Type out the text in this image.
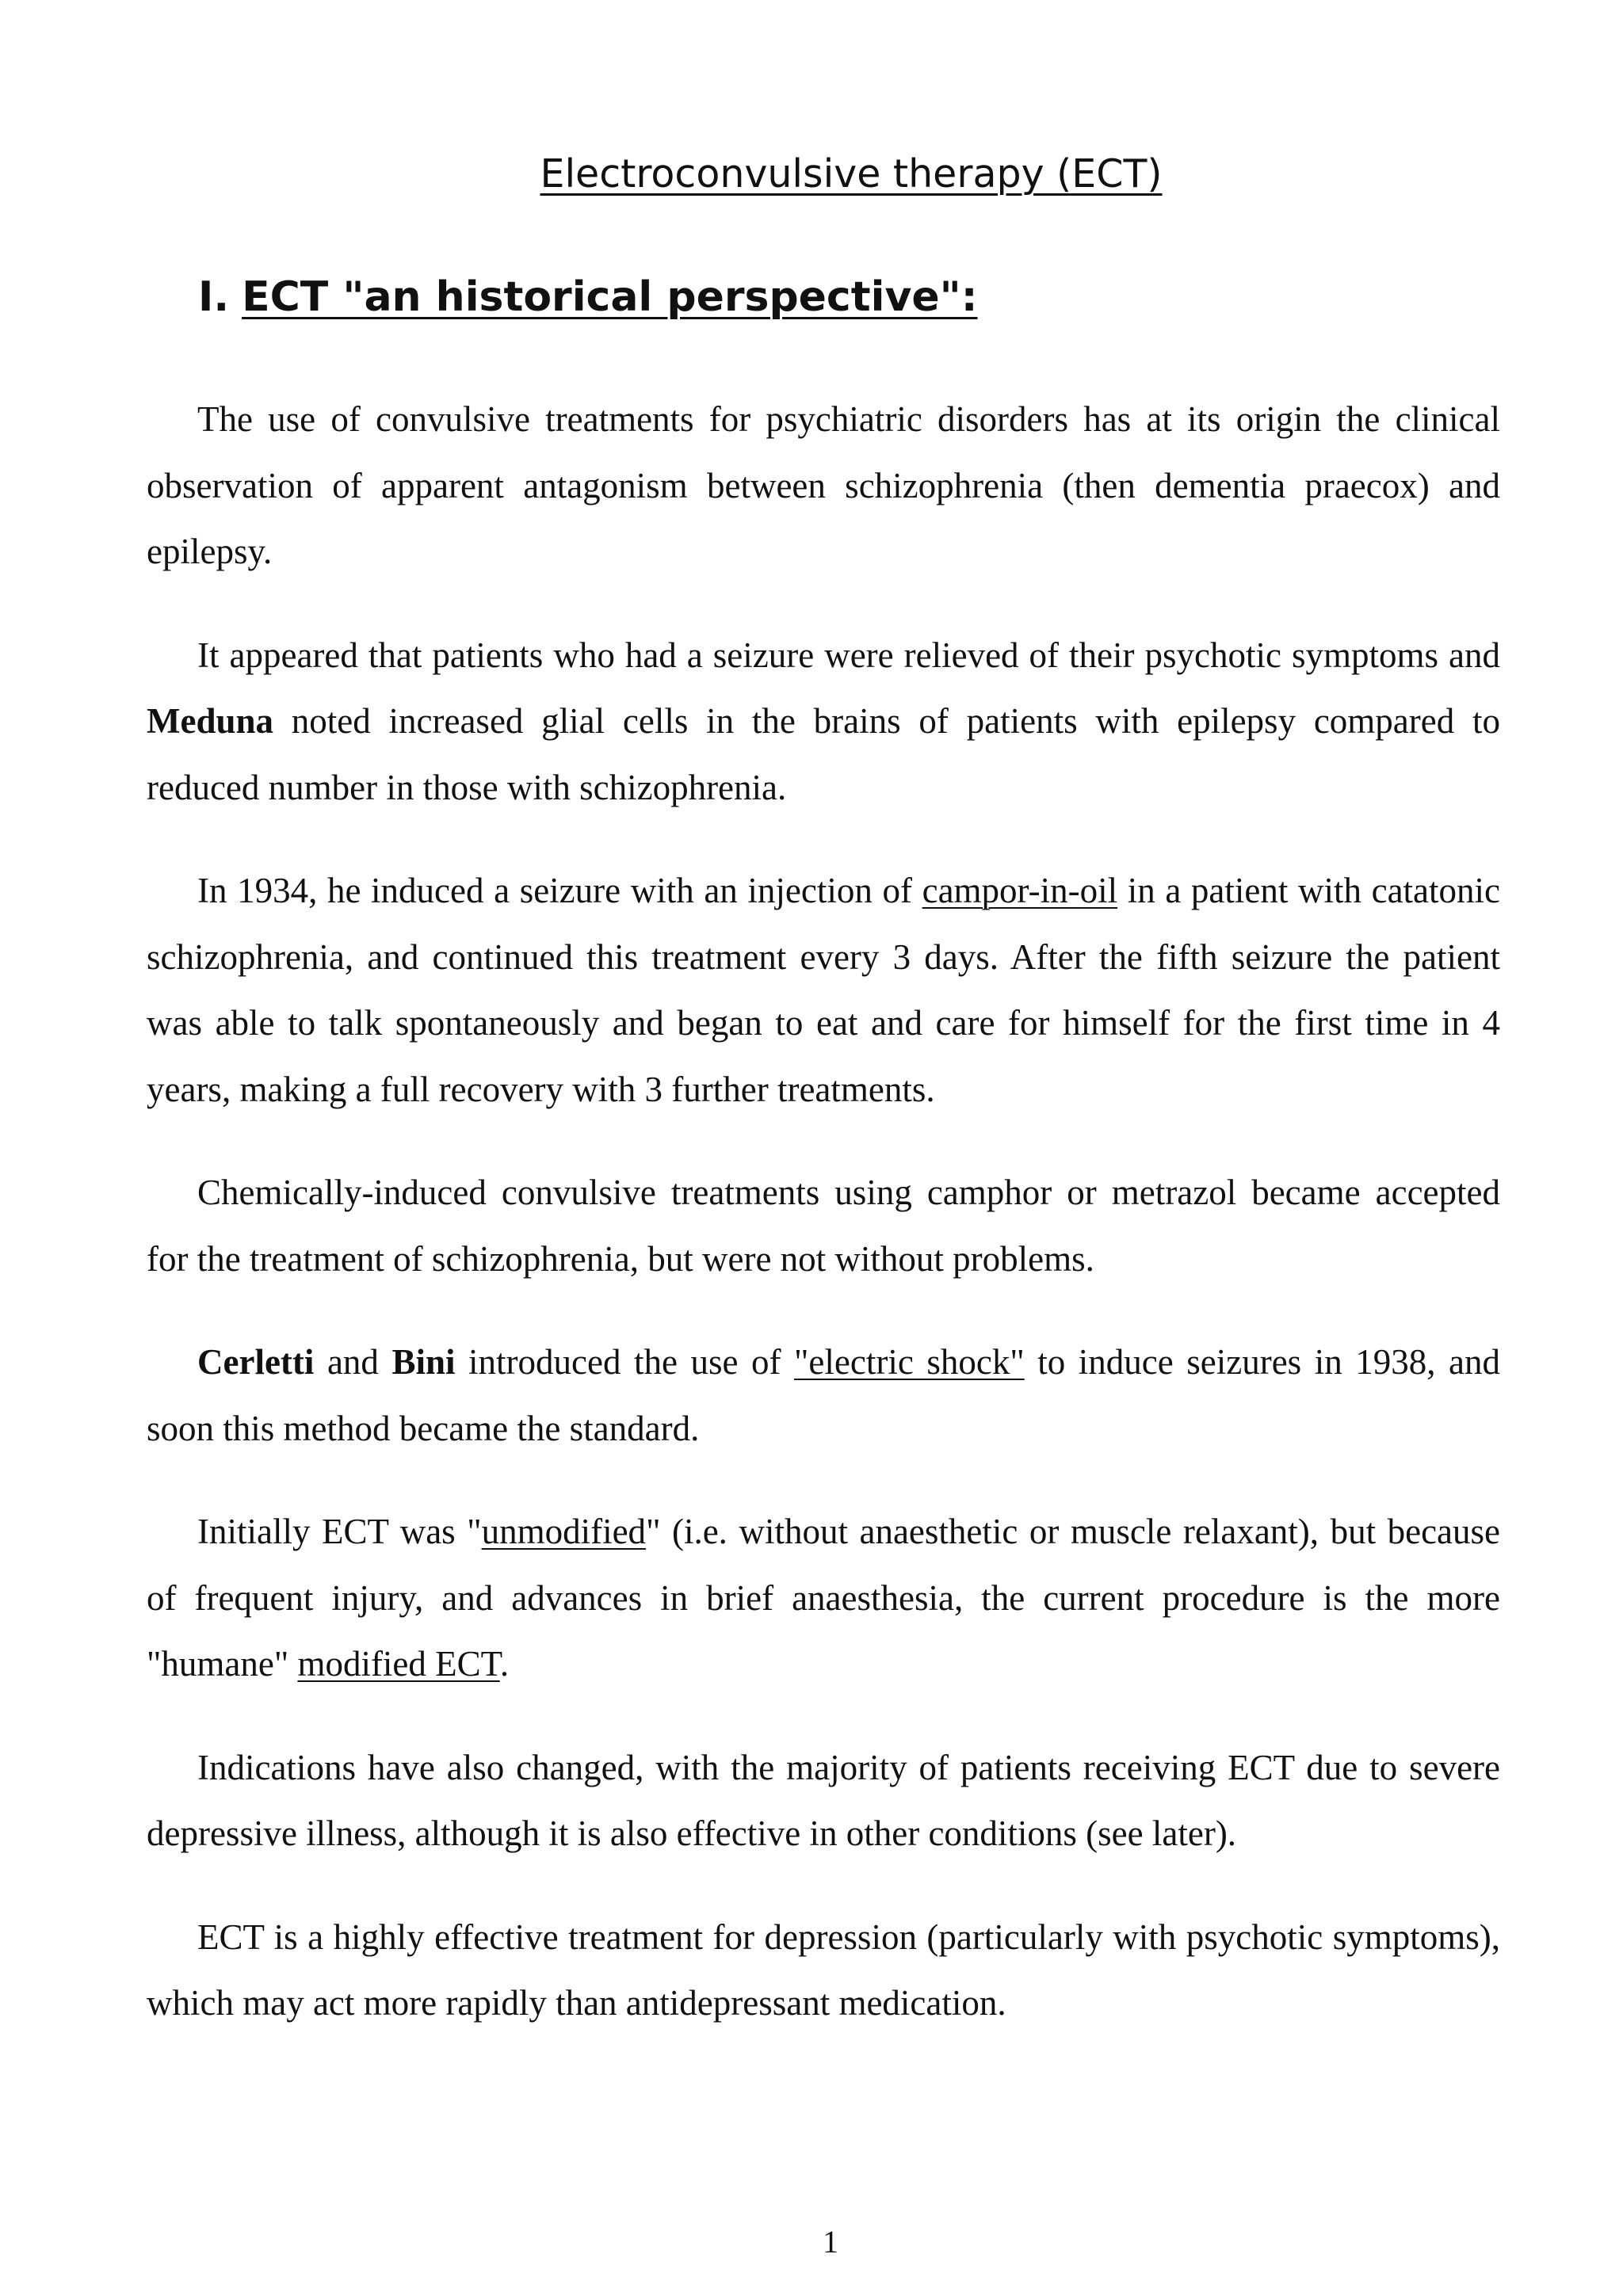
Electroconvulsive therapy (ECT)
I. ECT "an historical perspective":

The use of convulsive treatments for psychiatric disorders has at its origin the clinical observation of apparent antagonism between schizophrenia (then dementia praecox) and epilepsy.

It appeared that patients who had a seizure were relieved of their psychotic symptoms and Meduna noted increased glial cells in the brains of patients with epilepsy compared to reduced number in those with schizophrenia.

In 1934, he induced a seizure with an injection of campor-in-oil in a patient with catatonic schizophrenia, and continued this treatment every 3 days. After the fifth seizure the patient was able to talk spontaneously and began to eat and care for himself for the first time in 4 years, making a full recovery with 3 further treatments.

Chemically-induced convulsive treatments using camphor or metrazol became accepted for the treatment of schizophrenia, but were not without problems.

Cerletti and Bini introduced the use of "electric shock" to induce seizures in 1938, and soon this method became the standard.

Initially ECT was "unmodified" (i.e. without anaesthetic or muscle relaxant), but because of frequent injury, and advances in brief anaesthesia, the current procedure is the more "humane" modified ECT.

Indications have also changed, with the majority of patients receiving ECT due to severe depressive illness, although it is also effective in other conditions (see later).

ECT is a highly effective treatment for depression (particularly with psychotic symptoms), which may act more rapidly than antidepressant medication.

1
